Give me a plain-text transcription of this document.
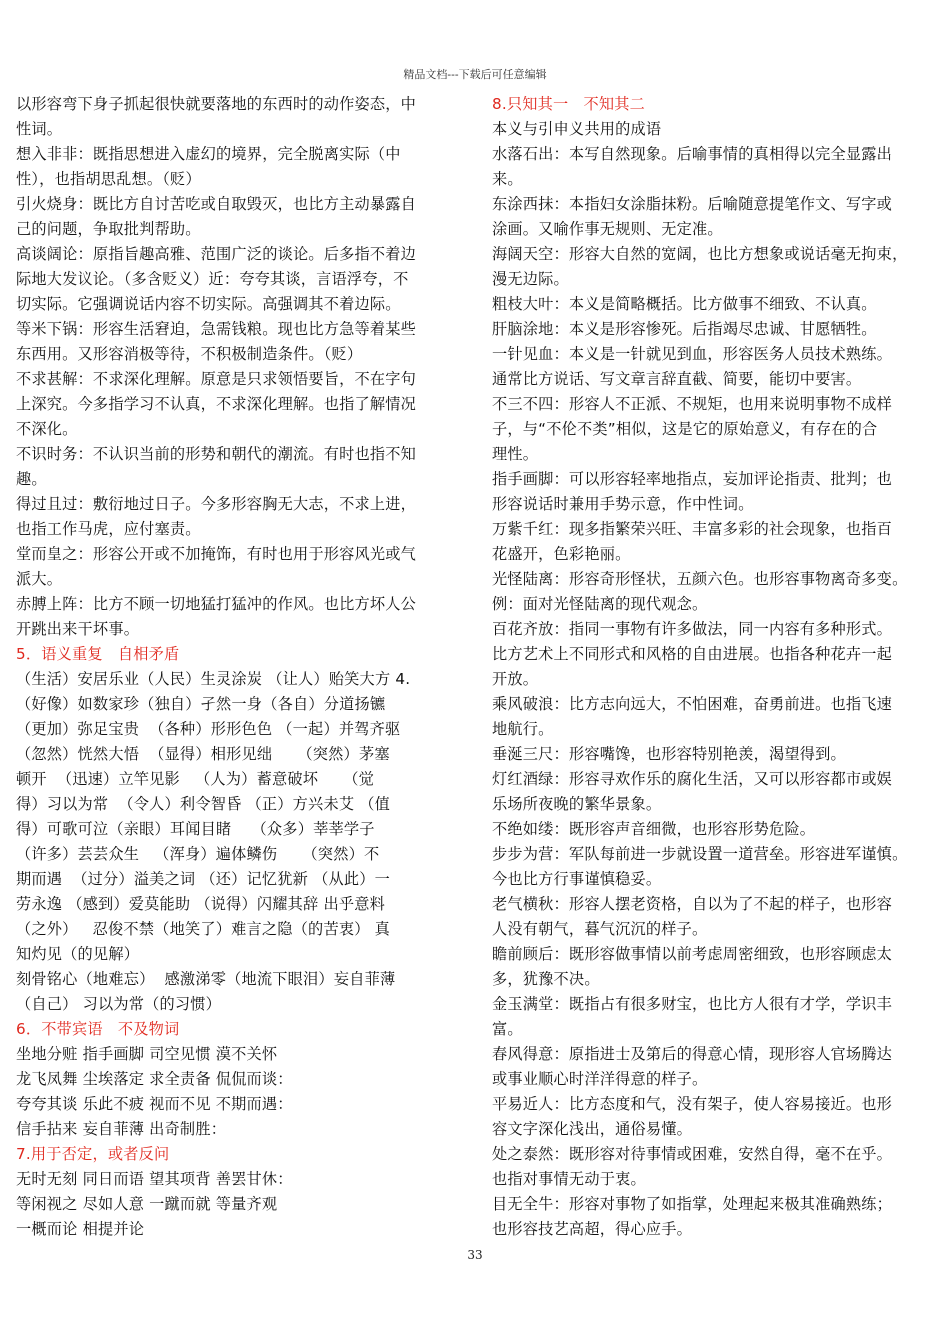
精品文档---下载后可任意编辑
以形容弯下身子抓起很快就要落地的东西时的动作姿态，中
性词。
想入非非：既指思想进入虚幻的境界，完全脱离实际（中
性），也指胡思乱想。（贬）
引火烧身：既比方自讨苦吃或自取毁灭，也比方主动暴露自
己的问题，争取批判帮助。
高谈阔论：原指旨趣高雅、范围广泛的谈论。后多指不着边
际地大发议论。（多含贬义）近：夸夸其谈，言语浮夸，不
切实际。它强调说话内容不切实际。高强调其不着边际。
等米下锅：形容生活窘迫，急需钱粮。现也比方急等着某些
东西用。又形容消极等待，不积极制造条件。（贬）
不求甚解：不求深化理解。原意是只求领悟要旨，不在字句
上深究。今多指学习不认真，不求深化理解。也指了解情况
不深化。
不识时务：不认识当前的形势和朝代的潮流。有时也指不知
趣。
得过且过：敷衍地过日子。今多形容胸无大志，不求上进，
也指工作马虎，应付塞责。
堂而皇之：形容公开或不加掩饰，有时也用于形容风光或气
派大。
赤膊上阵：比方不顾一切地猛打猛冲的作风。也比方坏人公
开跳出来干坏事。
5．语义重复   自相矛盾
（生活）安居乐业（人民）生灵涂炭 （让人）贻笑大方 4.
（好像）如数家珍（独自）孑然一身（各自）分道扬镳
（更加）弥足宝贵  （各种）形形色色 （一起）并驾齐驱
（忽然）恍然大悟  （显得）相形见绌     （突然）茅塞
顿开  （迅速）立竿见影   （人为）蓄意破坏     （觉
得）习以为常  （令人）利令智昏 （正）方兴未艾 （值
得）可歌可泣（亲眼）耳闻目睹    （众多）莘莘学子
（许多）芸芸众生   （浑身）遍体鳞伤     （突然）不
期而遇  （过分）溢美之词 （还）记忆犹新 （从此）一
劳永逸 （感到）爱莫能助 （说得）闪耀其辞 出乎意料
（之外）   忍俊不禁（地笑了）难言之隐（的苦衷） 真
知灼见（的见解）
刻骨铭心（地难忘）  感激涕零（地流下眼泪）妄自菲薄
（自己） 习以为常（的习惯）
6．不带宾语   不及物词
坐地分赃 指手画脚 司空见惯 漠不关怀
龙飞凤舞 尘埃落定 求全责备 侃侃而谈：
夸夸其谈 乐此不疲 视而不见 不期而遇：
信手拈来 妄自菲薄 出奇制胜：
7.用于否定，或者反问
无时无刻 同日而语 望其项背 善罢甘休：
等闲视之 尽如人意 一蹴而就 等量齐观
一概而论 相提并论
8.只知其一   不知其二
本义与引申义共用的成语
水落石出：本写自然现象。后喻事情的真相得以完全显露出
来。
东涂西抹：本指妇女涂脂抹粉。后喻随意提笔作文、写字或
涂画。又喻作事无规则、无定准。
海阔天空：形容大自然的宽阔，也比方想象或说话毫无拘束，
漫无边际。
粗枝大叶：本义是简略概括。比方做事不细致、不认真。
肝脑涂地：本义是形容惨死。后指竭尽忠诚、甘愿牺牲。
一针见血：本义是一针就见到血，形容医务人员技术熟练。
通常比方说话、写文章言辞直截、简要，能切中要害。
不三不四：形容人不正派、不规矩，也用来说明事物不成样
子，与“不伦不类”相似，这是它的原始意义，有存在的合
理性。
指手画脚：可以形容轻率地指点，妄加评论指责、批判；也
形容说话时兼用手势示意，作中性词。
万紫千红：现多指繁荣兴旺、丰富多彩的社会现象，也指百
花盛开，色彩艳丽。
光怪陆离：形容奇形怪状，五颜六色。也形容事物离奇多变。
例：面对光怪陆离的现代观念。
百花齐放：指同一事物有许多做法，同一内容有多种形式。
比方艺术上不同形式和风格的自由进展。也指各种花卉一起
开放。
乘风破浪：比方志向远大，不怕困难，奋勇前进。也指飞速
地航行。
垂涎三尺：形容嘴馋，也形容特别艳羡，渴望得到。
灯红酒绿：形容寻欢作乐的腐化生活，又可以形容都市或娱
乐场所夜晚的繁华景象。
不绝如缕：既形容声音细微，也形容形势危险。
步步为营：军队每前进一步就设置一道营垒。形容进军谨慎。
今也比方行事谨慎稳妥。
老气横秋：形容人摆老资格，自以为了不起的样子，也形容
人没有朝气，暮气沉沉的样子。
瞻前顾后：既形容做事情以前考虑周密细致，也形容顾虑太
多，犹豫不决。
金玉满堂：既指占有很多财宝，也比方人很有才学，学识丰
富。
春风得意：原指进士及第后的得意心情，现形容人官场腾达
或事业顺心时洋洋得意的样子。
平易近人：比方态度和气，没有架子，使人容易接近。也形
容文字深化浅出，通俗易懂。
处之泰然：既形容对待事情或困难，安然自得，毫不在乎。
也指对事情无动于衷。
目无全牛：形容对事物了如指掌，处理起来极其准确熟练；
也形容技艺高超，得心应手。
33
